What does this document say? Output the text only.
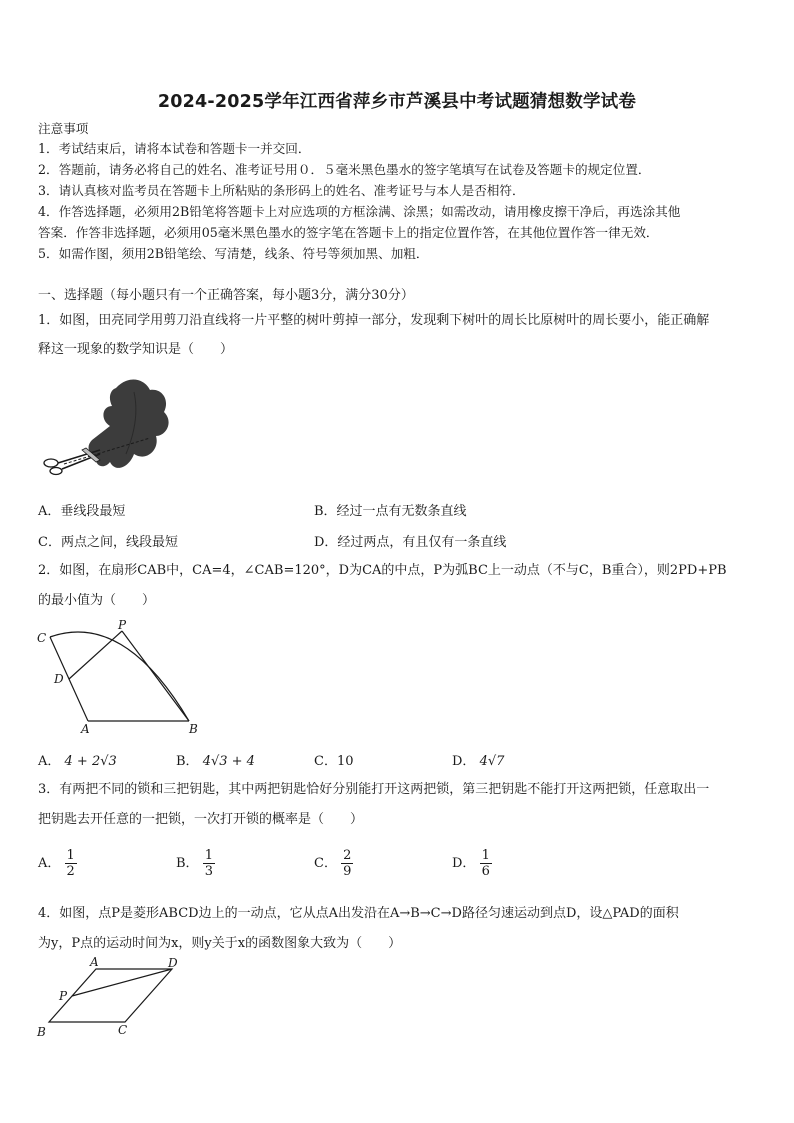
2024-2025学年江西省萍乡市芦溪县中考试题猜想数学试卷
注意事项
1．考试结束后，请将本试卷和答题卡一并交回．
2．答题前，请务必将自己的姓名、准考证号用０．５毫米黑色墨水的签字笔填写在试卷及答题卡的规定位置．
3．请认真核对监考员在答题卡上所粘贴的条形码上的姓名、准考证号与本人是否相符．
4．作答选择题，必须用2B铅笔将答题卡上对应选项的方框涂满、涂黑；如需改动，请用橡皮擦干净后，再选涂其他
答案．作答非选择题，必须用05毫米黑色墨水的签字笔在答题卡上的指定位置作答，在其他位置作答一律无效．
5．如需作图，须用2B铅笔绘、写清楚，线条、符号等须加黑、加粗．
一、选择题（每小题只有一个正确答案，每小题3分，满分30分）
1．如图，田亮同学用剪刀沿直线将一片平整的树叶剪掉一部分，发现剩下树叶的周长比原树叶的周长要小，能正确解
释这一现象的数学知识是（　　）
A．垂线段最短	B．经过一点有无数条直线
C．两点之间，线段最短	D．经过两点，有且仅有一条直线
2．如图，在扇形CAB中，CA=4，∠CAB=120°，D为CA的中点，P为弧BC上一动点（不与C，B重合），则2PD+PB
的最小值为（　　）
C
P
D
A	B
A． 4 + 2√3	B． 4√3 + 4	C．10	D． 4√7
3．有两把不同的锁和三把钥匙，其中两把钥匙恰好分别能打开这两把锁，第三把钥匙不能打开这两把锁，任意取出一
把钥匙去开任意的一把锁，一次打开锁的概率是（　　）
A． $\frac{1}{2}$	B． $\frac{1}{3}$	C． $\frac{2}{9}$	D． $\frac{1}{6}$
4．如图，点P是菱形ABCD边上的一动点，它从点A出发沿在A→B→C→D路径匀速运动到点D，设△PAD的面积
为y，P点的运动时间为x，则y关于x的函数图象大致为（　　）
A	D
P
B	C
